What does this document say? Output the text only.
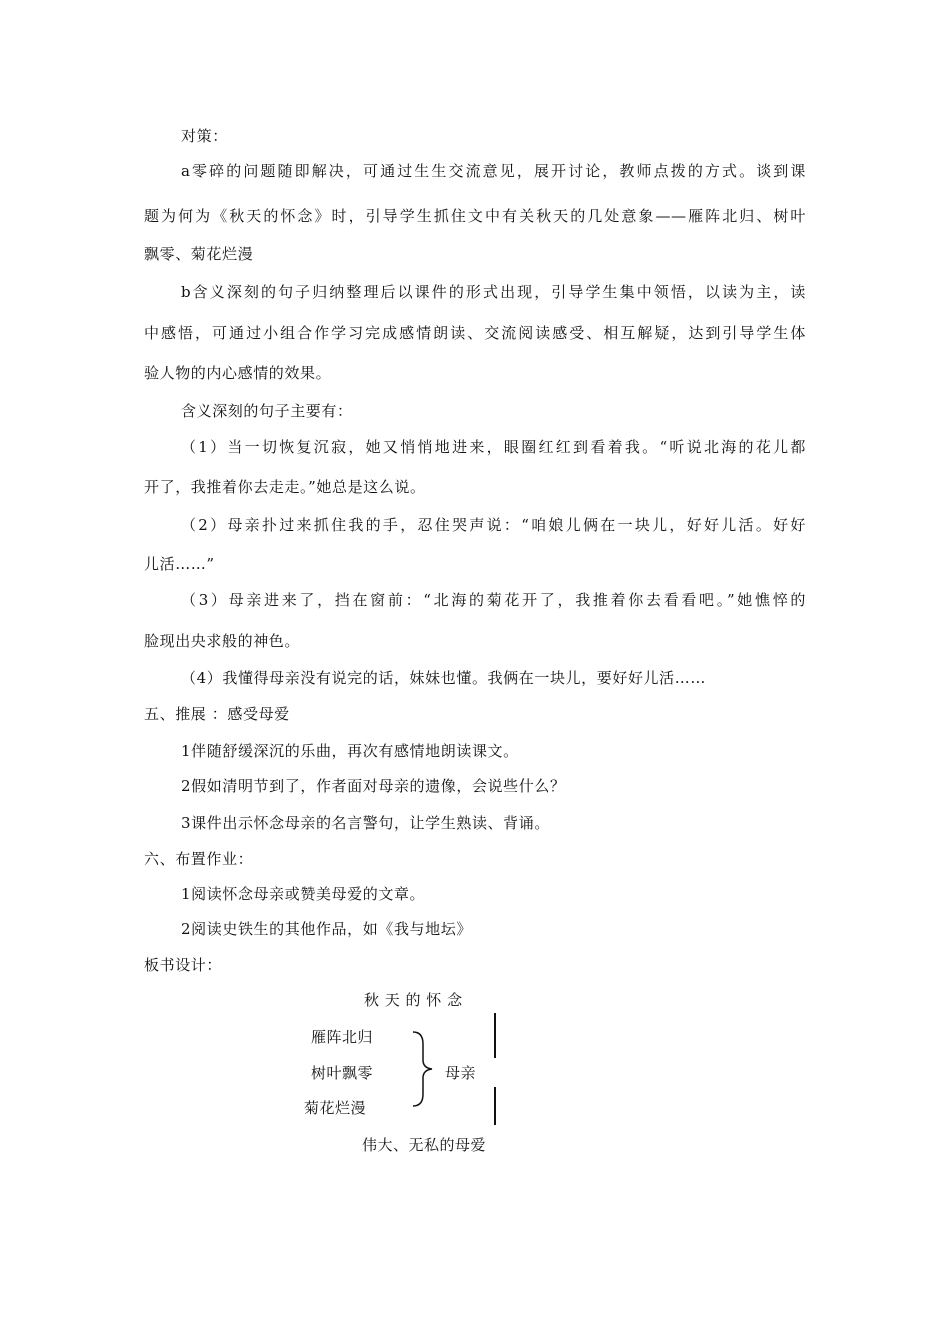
对策：
a零碎的问题随即解决，可通过生生交流意见，展开讨论，教师点拨的方式。谈到课
题为何为《秋天的怀念》时，引导学生抓住文中有关秋天的几处意象——雁阵北归、树叶
飘零、菊花烂漫
b含义深刻的句子归纳整理后以课件的形式出现，引导学生集中领悟，以读为主，读
中感悟，可通过小组合作学习完成感情朗读、交流阅读感受、相互解疑，达到引导学生体
验人物的内心感情的效果。
含义深刻的句子主要有：
（1）当一切恢复沉寂，她又悄悄地进来，眼圈红红到看着我。“听说北海的花儿都
开了，我推着你去走走。”她总是这么说。
（2）母亲扑过来抓住我的手，忍住哭声说：“咱娘儿俩在一块儿，好好儿活。好好
儿活……”
（3）母亲进来了，挡在窗前：“北海的菊花开了，我推着你去看看吧。”她憔悴的
脸现出央求般的神色。
（4）我懂得母亲没有说完的话，妹妹也懂。我俩在一块儿，要好好儿活……
五、推展 ：感受母爱
1伴随舒缓深沉的乐曲，再次有感情地朗读课文。
2假如清明节到了，作者面对母亲的遗像，会说些什么？
3课件出示怀念母亲的名言警句，让学生熟读、背诵。
六、布置作业：
1阅读怀念母亲或赞美母爱的文章。
2阅读史铁生的其他作品，如《我与地坛》
板书设计：
秋 天 的 怀 念
雁阵北归
树叶飘零
菊花烂漫
母亲
伟大、无私的母爱
